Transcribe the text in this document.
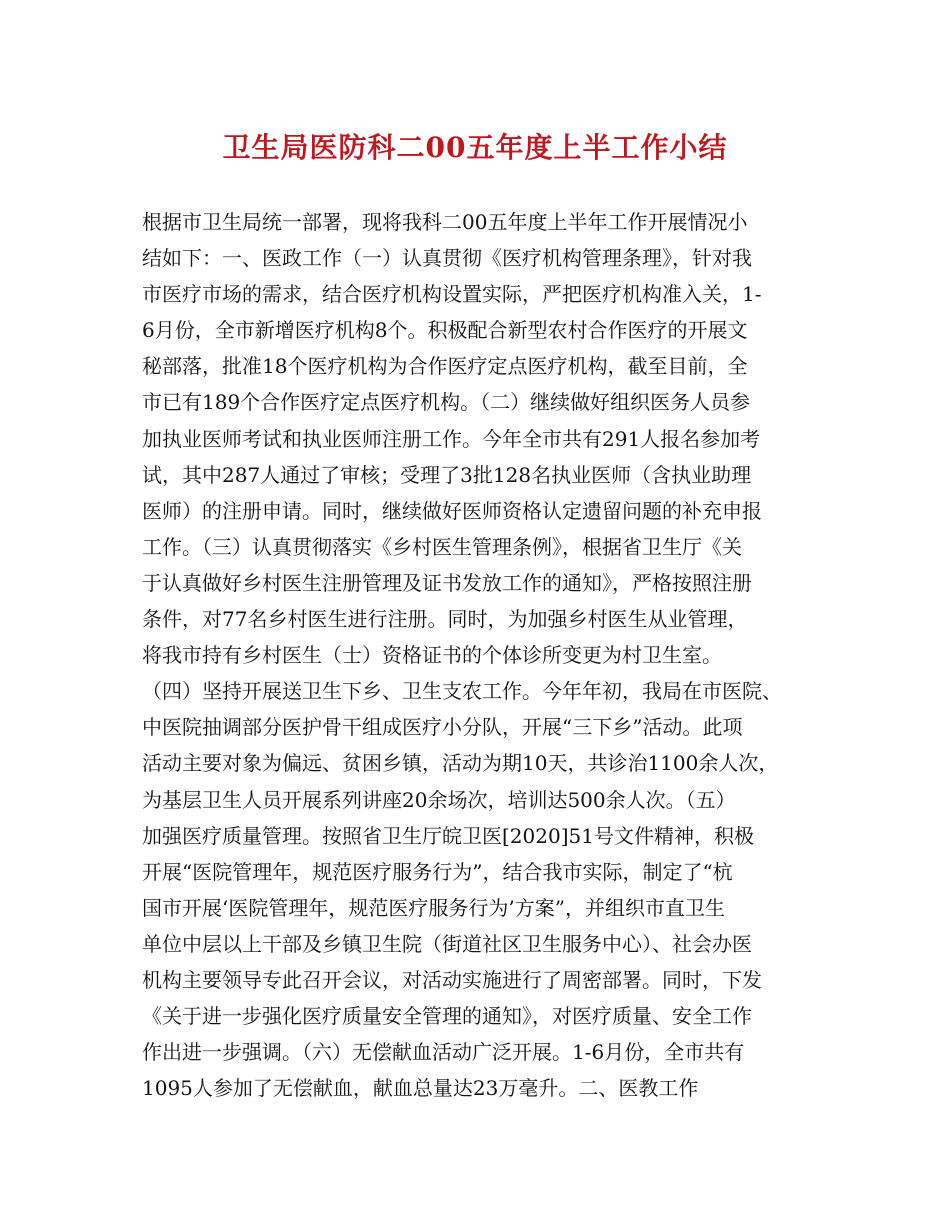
卫生局医防科二00五年度上半工作小结
根据市卫生局统一部署，现将我科二00五年度上半年工作开展情况小
结如下：一、医政工作（一）认真贯彻《医疗机构管理条理》，针对我
市医疗市场的需求，结合医疗机构设置实际，严把医疗机构准入关，1-
6月份，全市新增医疗机构8个。积极配合新型农村合作医疗的开展文
秘部落，批准18个医疗机构为合作医疗定点医疗机构，截至目前，全
市已有189个合作医疗定点医疗机构。（二）继续做好组织医务人员参
加执业医师考试和执业医师注册工作。今年全市共有291人报名参加考
试，其中287人通过了审核；受理了3批128名执业医师（含执业助理
医师）的注册申请。同时，继续做好医师资格认定遗留问题的补充申报
工作。（三）认真贯彻落实《乡村医生管理条例》，根据省卫生厅《关
于认真做好乡村医生注册管理及证书发放工作的通知》，严格按照注册
条件，对77名乡村医生进行注册。同时，为加强乡村医生从业管理，
将我市持有乡村医生（士）资格证书的个体诊所变更为村卫生室。
（四）坚持开展送卫生下乡、卫生支农工作。今年年初，我局在市医院、
中医院抽调部分医护骨干组成医疗小分队，开展“三下乡”活动。此项
活动主要对象为偏远、贫困乡镇，活动为期10天，共诊治1100余人次，
为基层卫生人员开展系列讲座20余场次，培训达500余人次。（五）
加强医疗质量管理。按照省卫生厅皖卫医[2020]51号文件精神，积极
开展“医院管理年，规范医疗服务行为”，结合我市实际，制定了“杭
国市开展‘医院管理年，规范医疗服务行为’方案”，并组织市直卫生
单位中层以上干部及乡镇卫生院（街道社区卫生服务中心）、社会办医
机构主要领导专此召开会议，对活动实施进行了周密部署。同时，下发
《关于进一步强化医疗质量安全管理的通知》，对医疗质量、安全工作
作出进一步强调。（六）无偿献血活动广泛开展。1-6月份，全市共有
1095人参加了无偿献血，献血总量达23万毫升。二、医教工作
